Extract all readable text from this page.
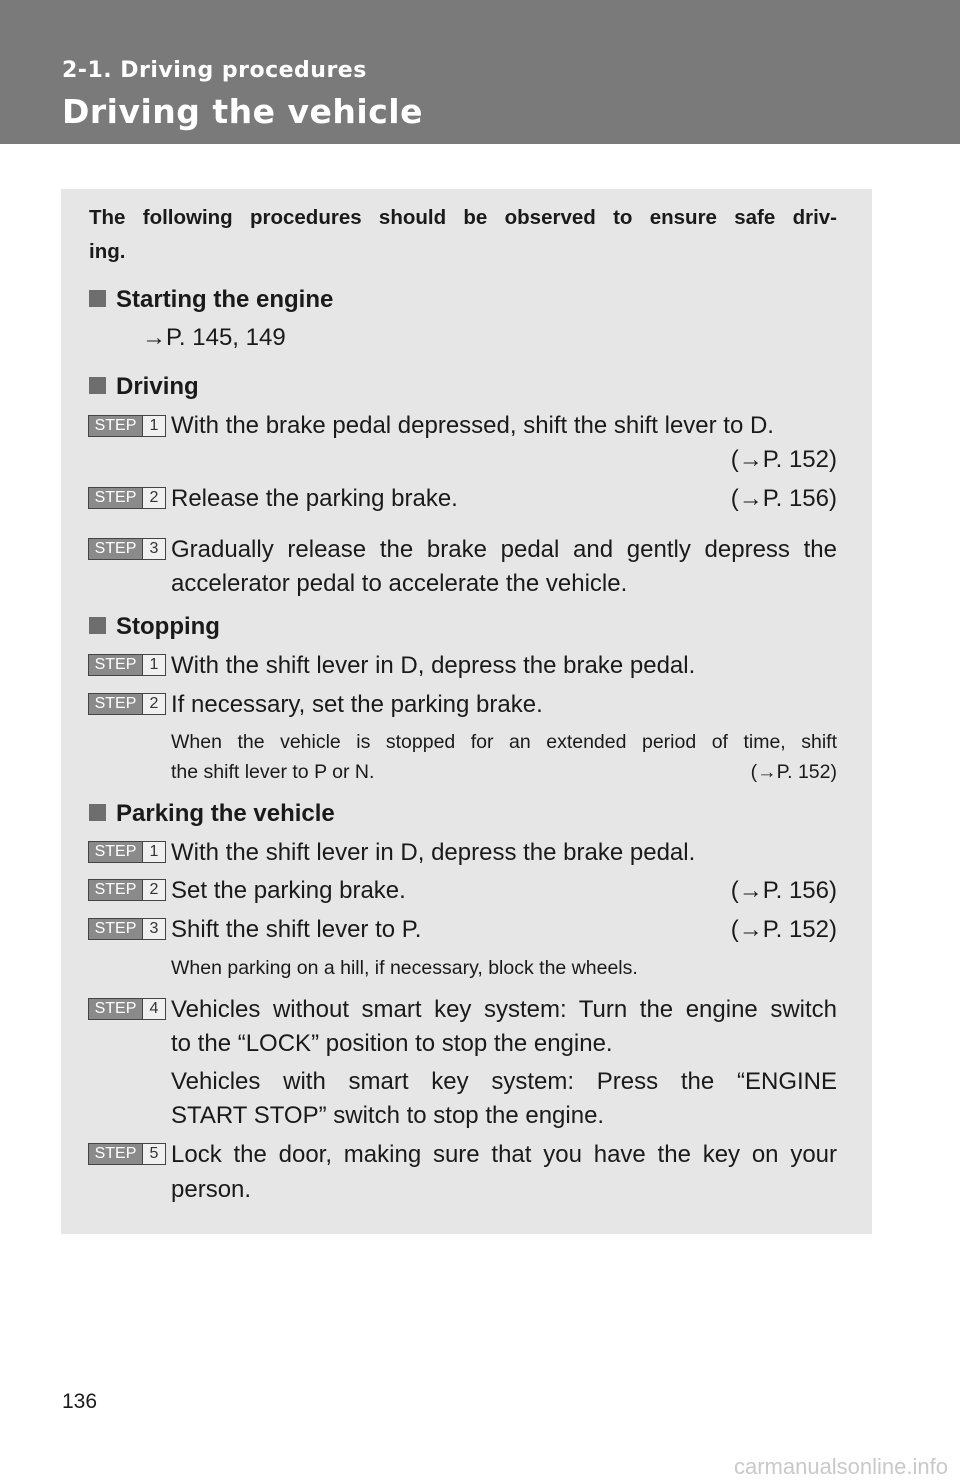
2-1. Driving procedures
Driving the vehicle
The following procedures should be observed to ensure safe driv-
ing.
Starting the engine
→P. 145, 149
Driving
STEP 1 With the brake pedal depressed, shift the shift lever to D.
(→P. 152)
STEP 2 Release the parking brake.	(→P. 156)
STEP 3 Gradually release the brake pedal and gently depress the
accelerator pedal to accelerate the vehicle.
Stopping
STEP 1 With the shift lever in D, depress the brake pedal.
STEP 2 If necessary, set the parking brake.
When the vehicle is stopped for an extended period of time, shift
the shift lever to P or N.	(→P. 152)
Parking the vehicle
STEP 1 With the shift lever in D, depress the brake pedal.
STEP 2 Set the parking brake.	(→P. 156)
STEP 3 Shift the shift lever to P.	(→P. 152)
When parking on a hill, if necessary, block the wheels.
STEP 4 Vehicles without smart key system: Turn the engine switch
to the “LOCK” position to stop the engine.
Vehicles with smart key system: Press the “ENGINE
START STOP” switch to stop the engine.
STEP 5 Lock the door, making sure that you have the key on your
person.
136
carmanualsonline.info
